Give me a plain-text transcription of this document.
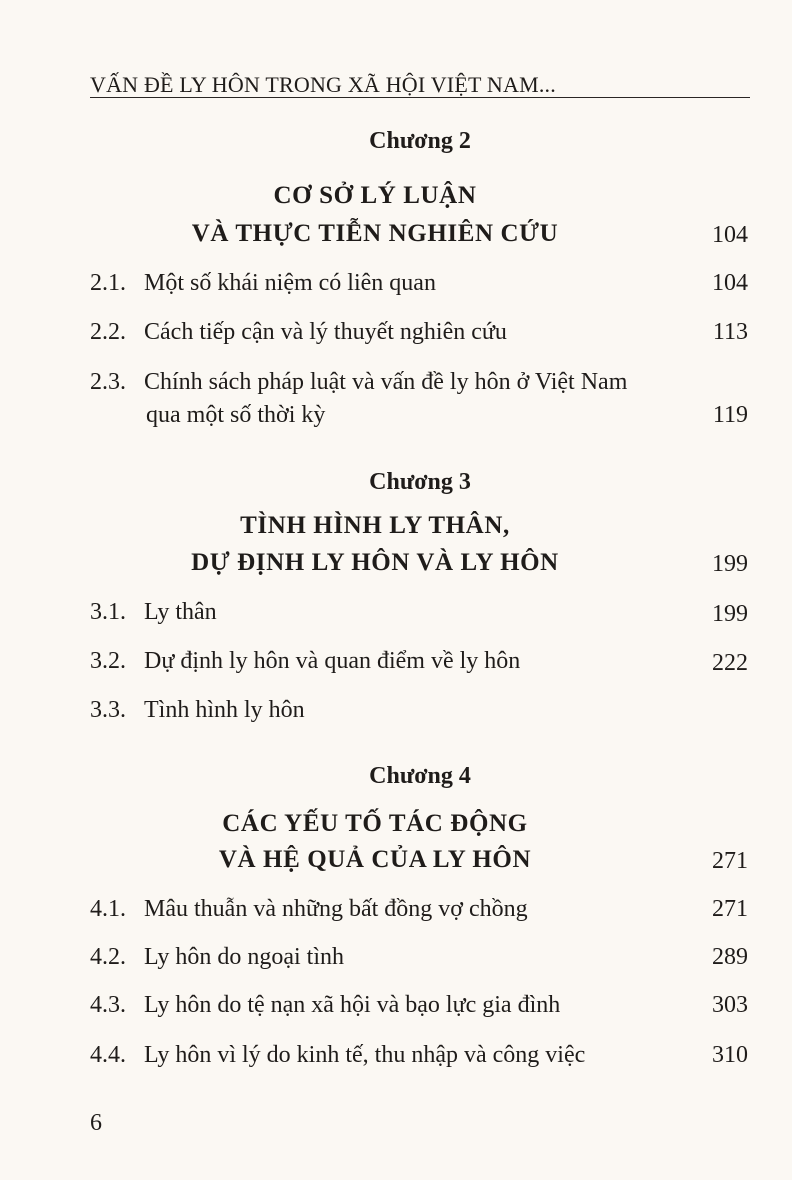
VẤN ĐỀ LY HÔN TRONG XÃ HỘI VIỆT NAM...
Chương 2
CƠ SỞ LÝ LUẬN
VÀ THỰC TIỄN NGHIÊN CỨU	104
2.1. Một số khái niệm có liên quan	104
2.2. Cách tiếp cận và lý thuyết nghiên cứu	113
2.3. Chính sách pháp luật và vấn đề ly hôn ở Việt Nam
qua một số thời kỳ	119
Chương 3
TÌNH HÌNH LY THÂN,
DỰ ĐỊNH LY HÔN VÀ LY HÔN	199
3.1. Ly thân	199
3.2. Dự định ly hôn và quan điểm về ly hôn	222
3.3. Tình hình ly hôn
Chương 4
CÁC YẾU TỐ TÁC ĐỘNG
VÀ HỆ QUẢ CỦA LY HÔN	271
4.1. Mâu thuẫn và những bất đồng vợ chồng	271
4.2. Ly hôn do ngoại tình	289
4.3. Ly hôn do tệ nạn xã hội và bạo lực gia đình	303
4.4. Ly hôn vì lý do kinh tế, thu nhập và công việc	310
6
